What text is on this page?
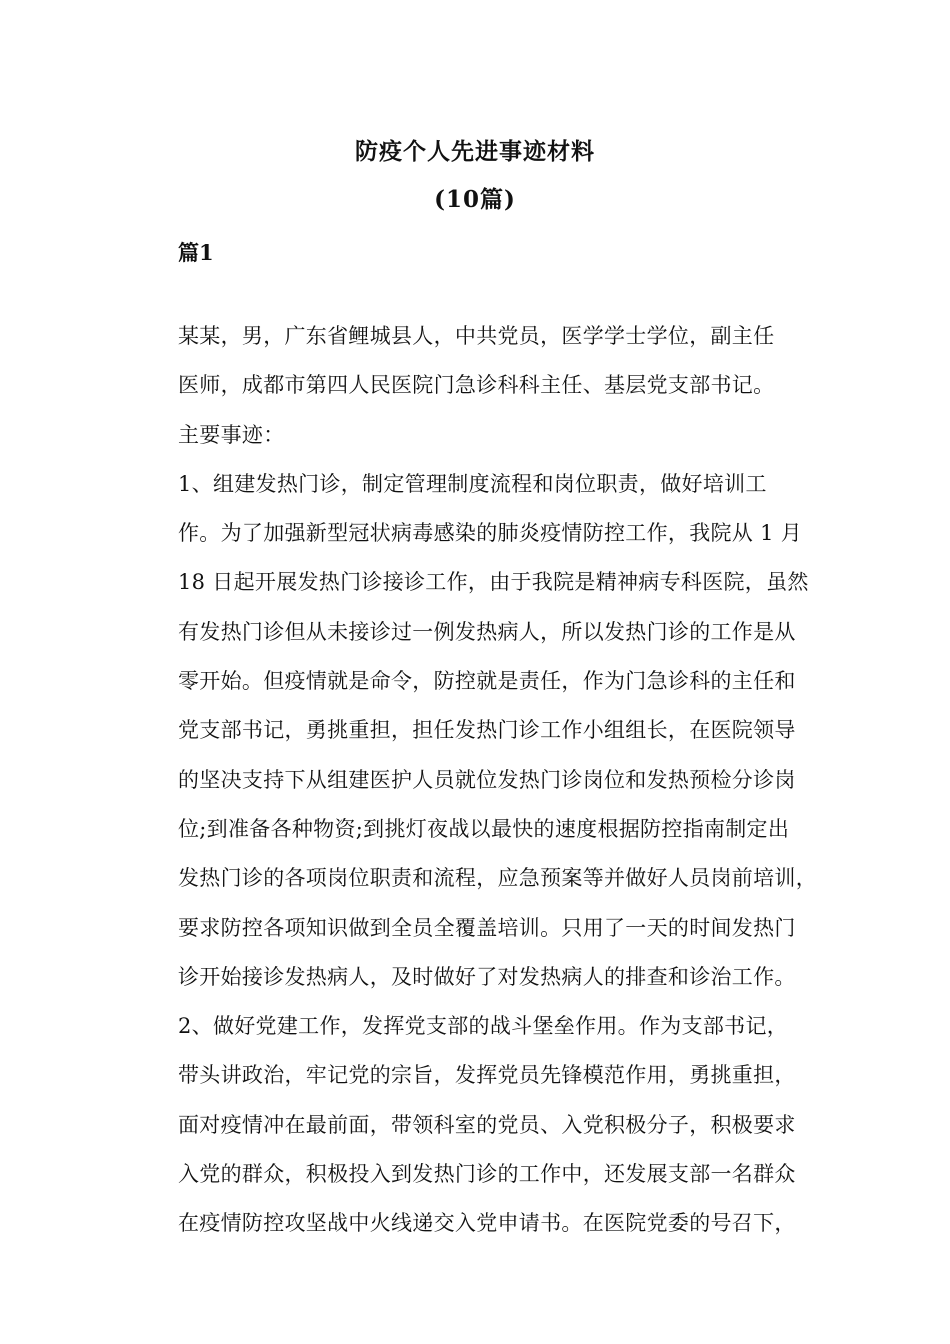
防疫个人先进事迹材料
(10篇)
篇1

某某，男，广东省鲤城县人，中共党员，医学学士学位，副主任
医师，成都市第四人民医院门急诊科科主任、基层党支部书记。

主要事迹：

1、组建发热门诊，制定管理制度流程和岗位职责，做好培训工
作。为了加强新型冠状病毒感染的肺炎疫情防控工作，我院从 1 月
18 日起开展发热门诊接诊工作，由于我院是精神病专科医院，虽然
有发热门诊但从未接诊过一例发热病人，所以发热门诊的工作是从
零开始。但疫情就是命令，防控就是责任，作为门急诊科的主任和
党支部书记，勇挑重担，担任发热门诊工作小组组长，在医院领导
的坚决支持下从组建医护人员就位发热门诊岗位和发热预检分诊岗
位;到准备各种物资;到挑灯夜战以最快的速度根据防控指南制定出
发热门诊的各项岗位职责和流程，应急预案等并做好人员岗前培训，
要求防控各项知识做到全员全覆盖培训。只用了一天的时间发热门
诊开始接诊发热病人，及时做好了对发热病人的排查和诊治工作。

2、做好党建工作，发挥党支部的战斗堡垒作用。作为支部书记，
带头讲政治，牢记党的宗旨，发挥党员先锋模范作用，勇挑重担，
面对疫情冲在最前面，带领科室的党员、入党积极分子，积极要求
入党的群众，积极投入到发热门诊的工作中，还发展支部一名群众
在疫情防控攻坚战中火线递交入党申请书。在医院党委的号召下，
